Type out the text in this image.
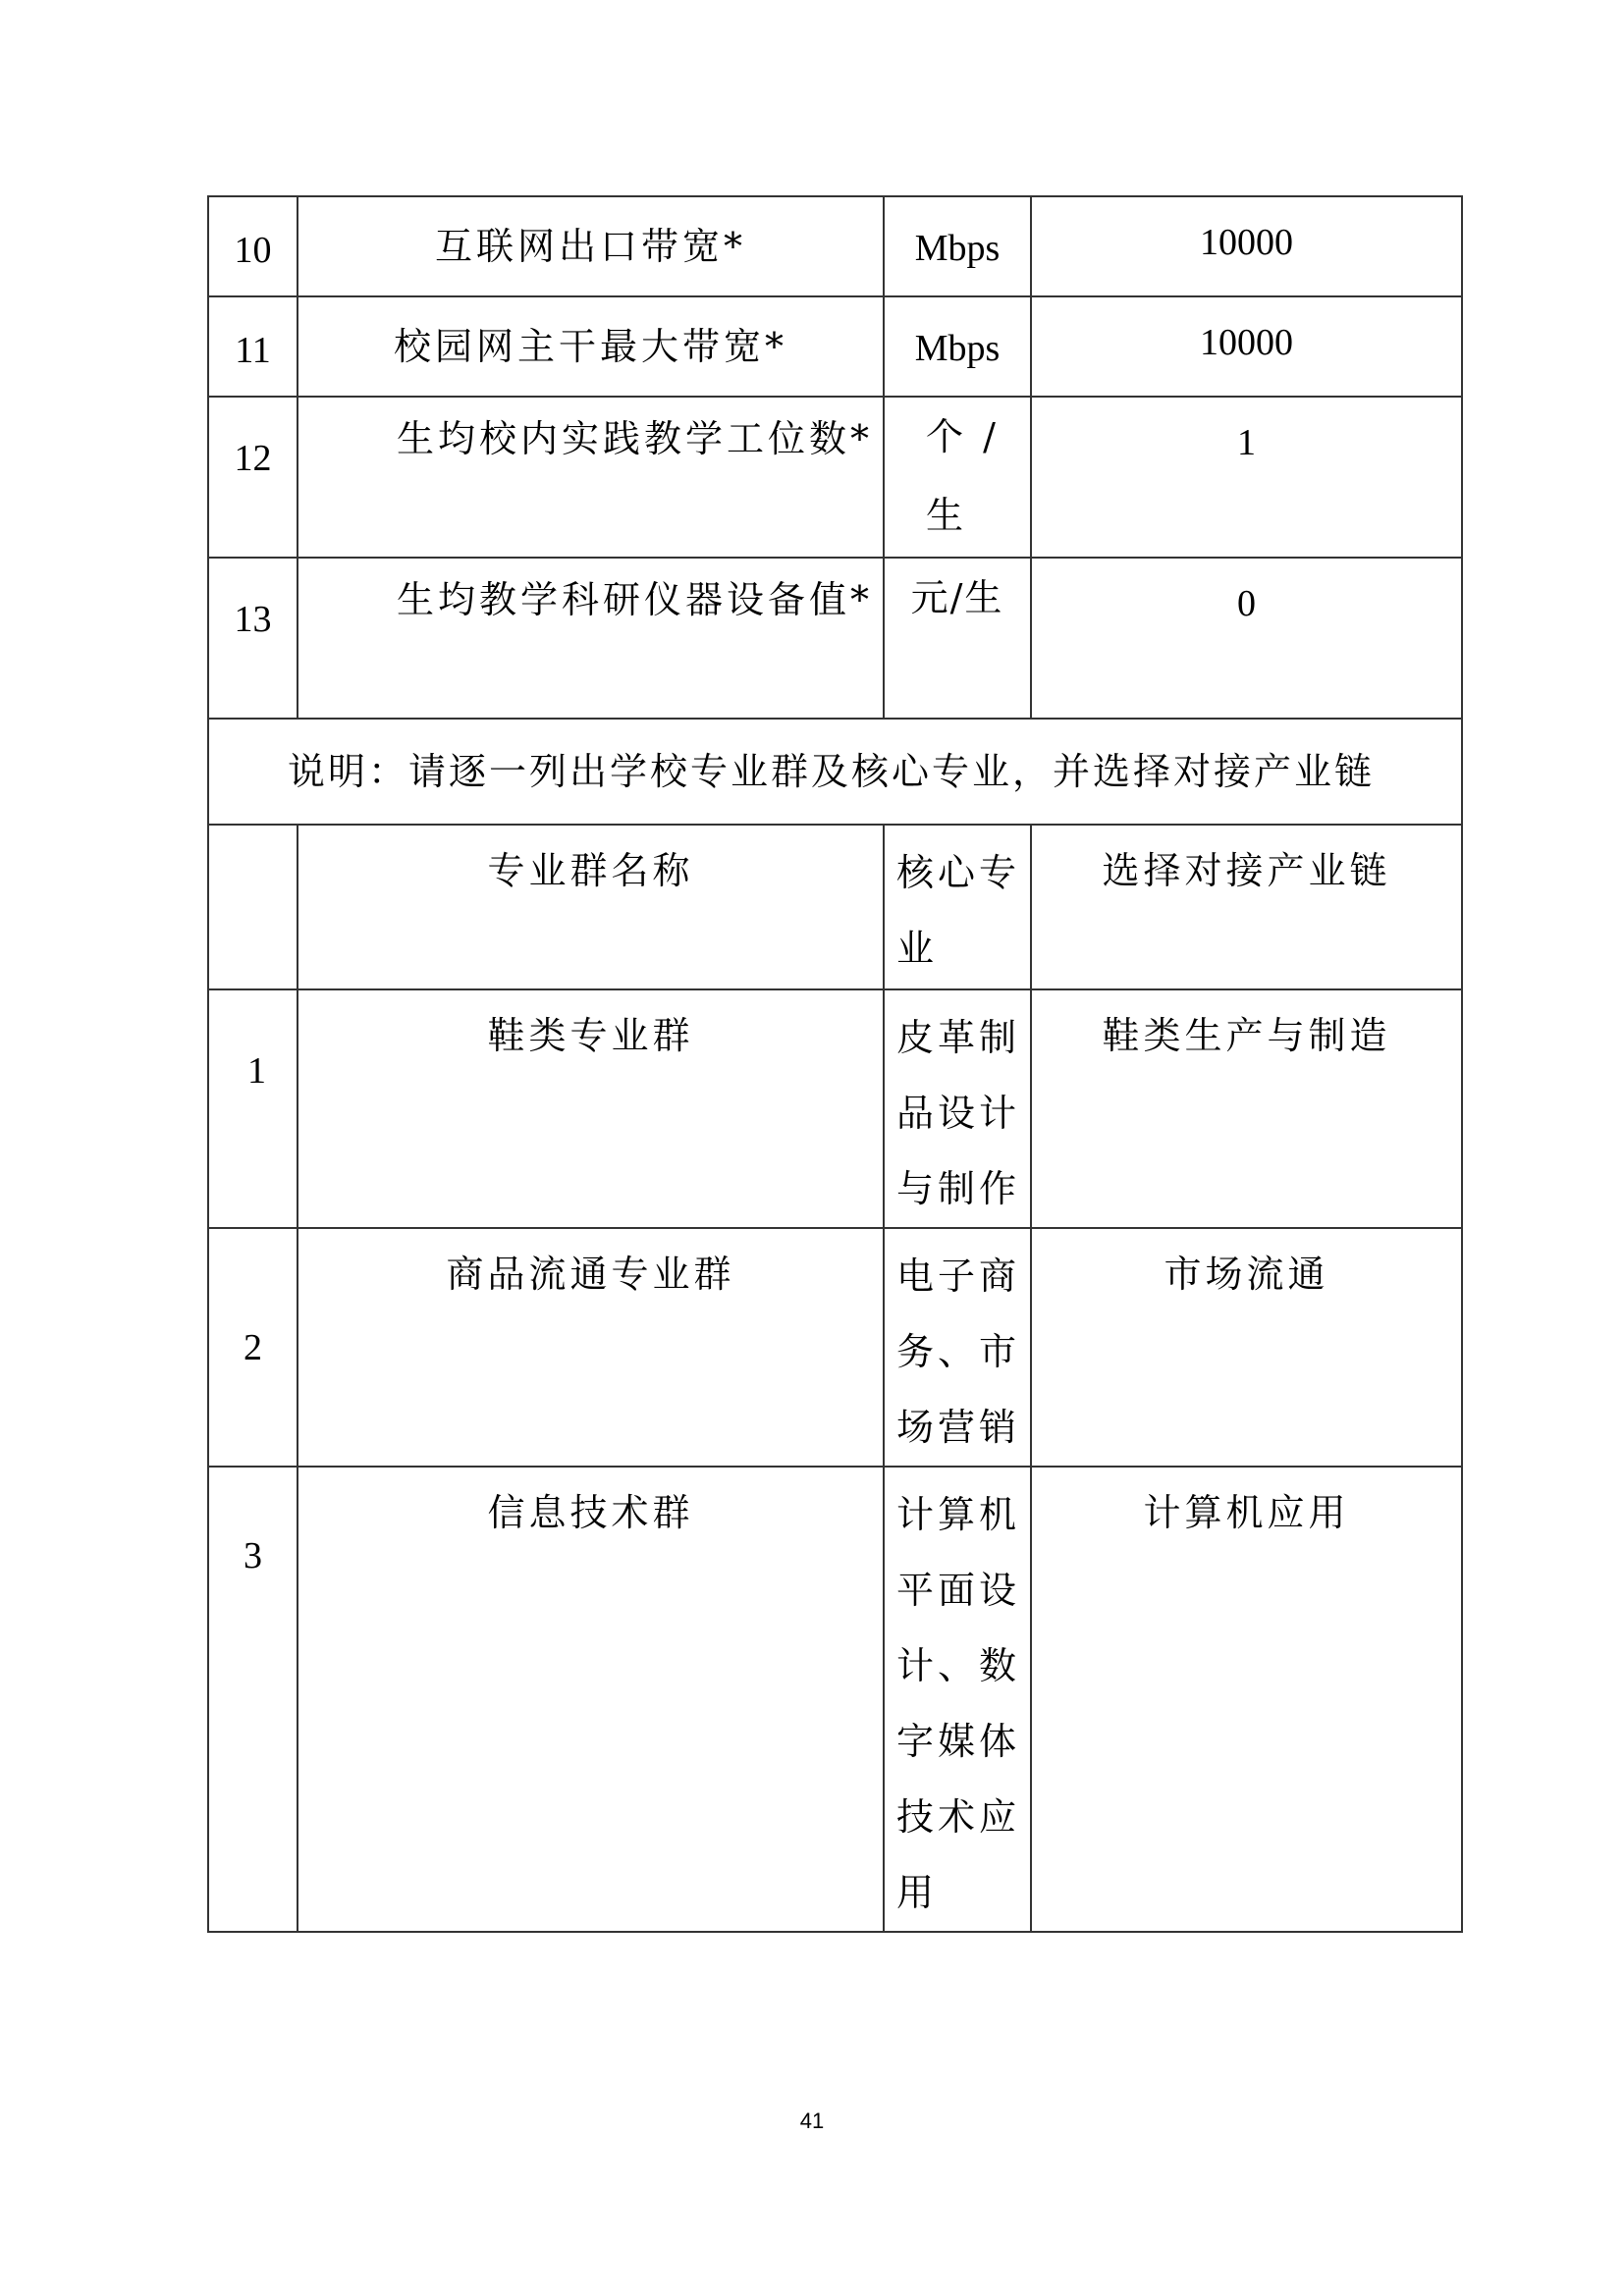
10	互联网出口带宽*	Mbps	10000
11	校园网主干最大带宽*	Mbps	10000
12	生均校内实践教学工位数*	个 /生	1
13	生均教学科研仪器设备值*	元/生	0
说明：请逐一列出学校专业群及核心专业，并选择对接产业链			
	专业群名称	核心专业	选择对接产业链
1	鞋类专业群	皮革制品设计与制作	鞋类生产与制造
2	商品流通专业群	电子商务、市场营销	市场流通
3	信息技术群	计算机平面设计、数字媒体技术应用	计算机应用
41
